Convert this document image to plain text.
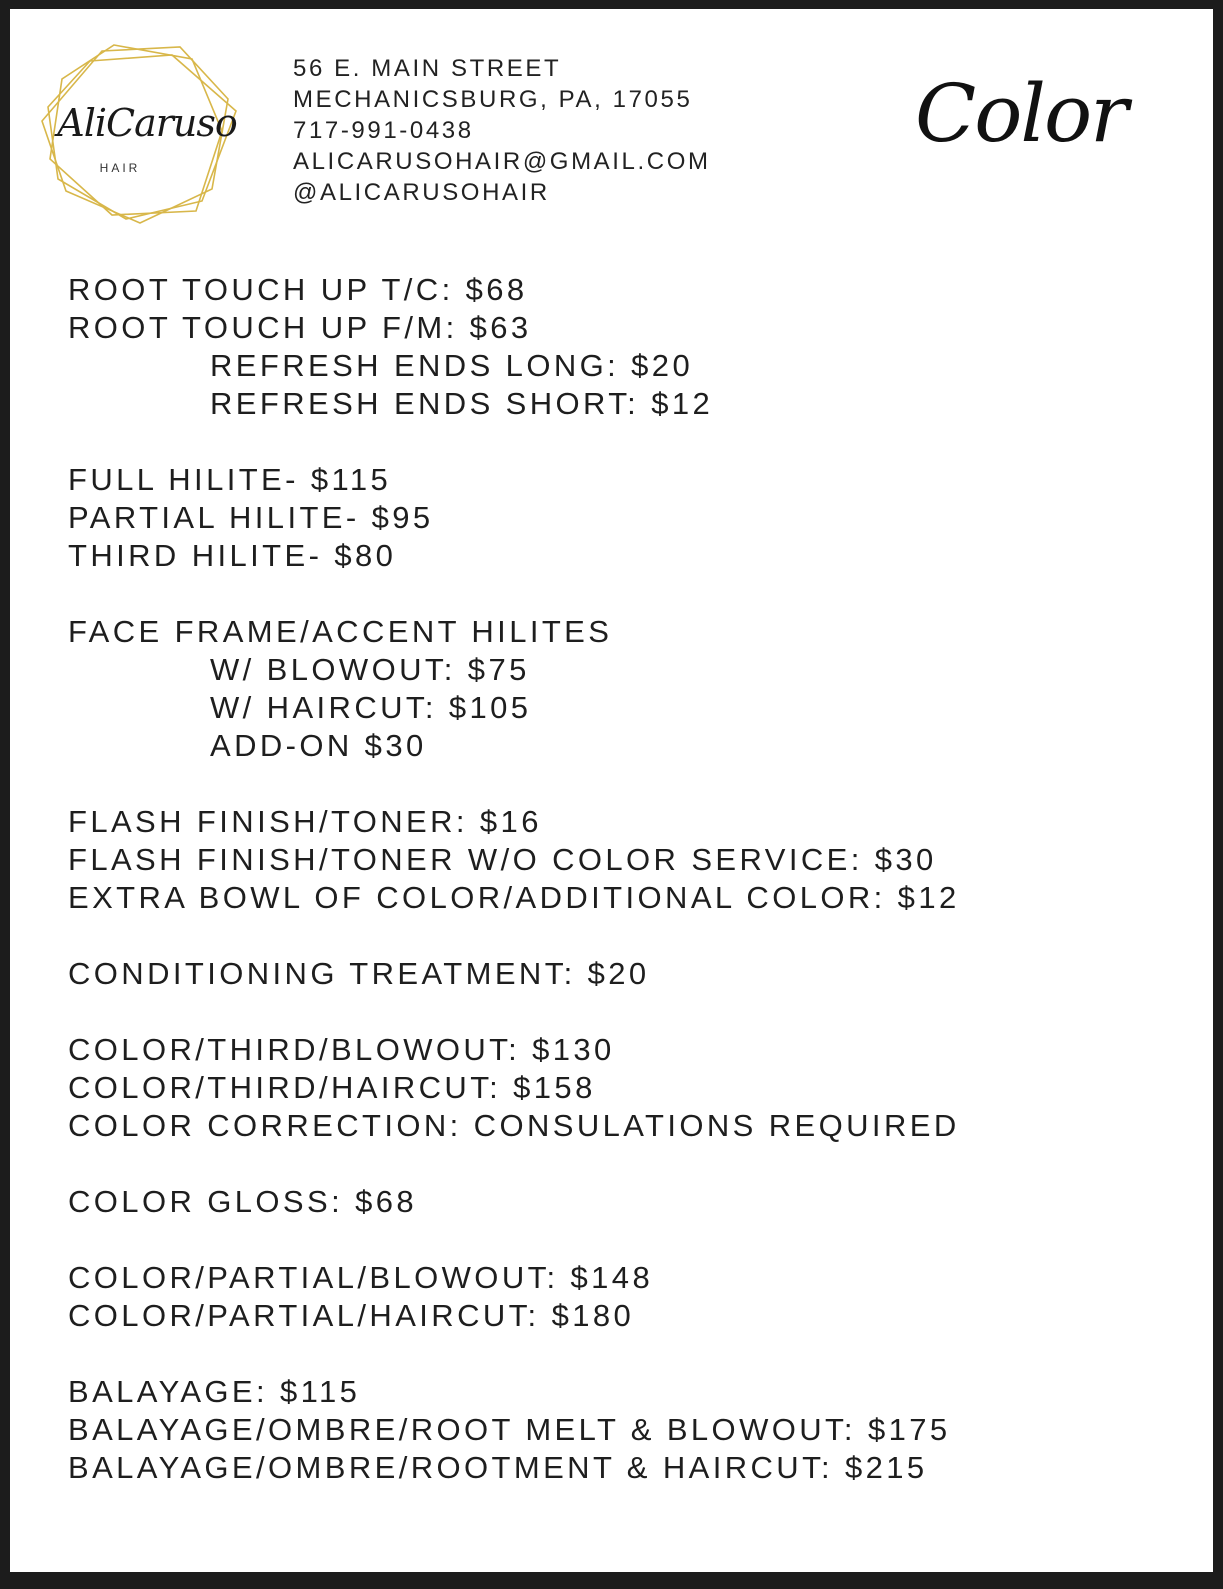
AliCaruso
HAIR
56 E. MAIN STREET
MECHANICSBURG, PA, 17055
717-991-0438
ALICARUSOHAIR@GMAIL.COM
@ALICARUSOHAIR
Color
ROOT TOUCH UP T/C: $68
ROOT TOUCH UP F/M: $63
REFRESH ENDS LONG: $20
REFRESH ENDS SHORT: $12
FULL HILITE- $115
PARTIAL HILITE- $95
THIRD HILITE- $80
FACE FRAME/ACCENT HILITES
W/ BLOWOUT: $75
W/ HAIRCUT: $105
ADD-ON $30
FLASH FINISH/TONER: $16
FLASH FINISH/TONER W/O COLOR SERVICE: $30
EXTRA BOWL OF COLOR/ADDITIONAL COLOR: $12
CONDITIONING TREATMENT: $20
COLOR/THIRD/BLOWOUT: $130
COLOR/THIRD/HAIRCUT: $158
COLOR CORRECTION: CONSULATIONS REQUIRED
COLOR GLOSS: $68
COLOR/PARTIAL/BLOWOUT: $148
COLOR/PARTIAL/HAIRCUT: $180
BALAYAGE: $115
BALAYAGE/OMBRE/ROOT MELT & BLOWOUT: $175
BALAYAGE/OMBRE/ROOTMENT & HAIRCUT: $215
